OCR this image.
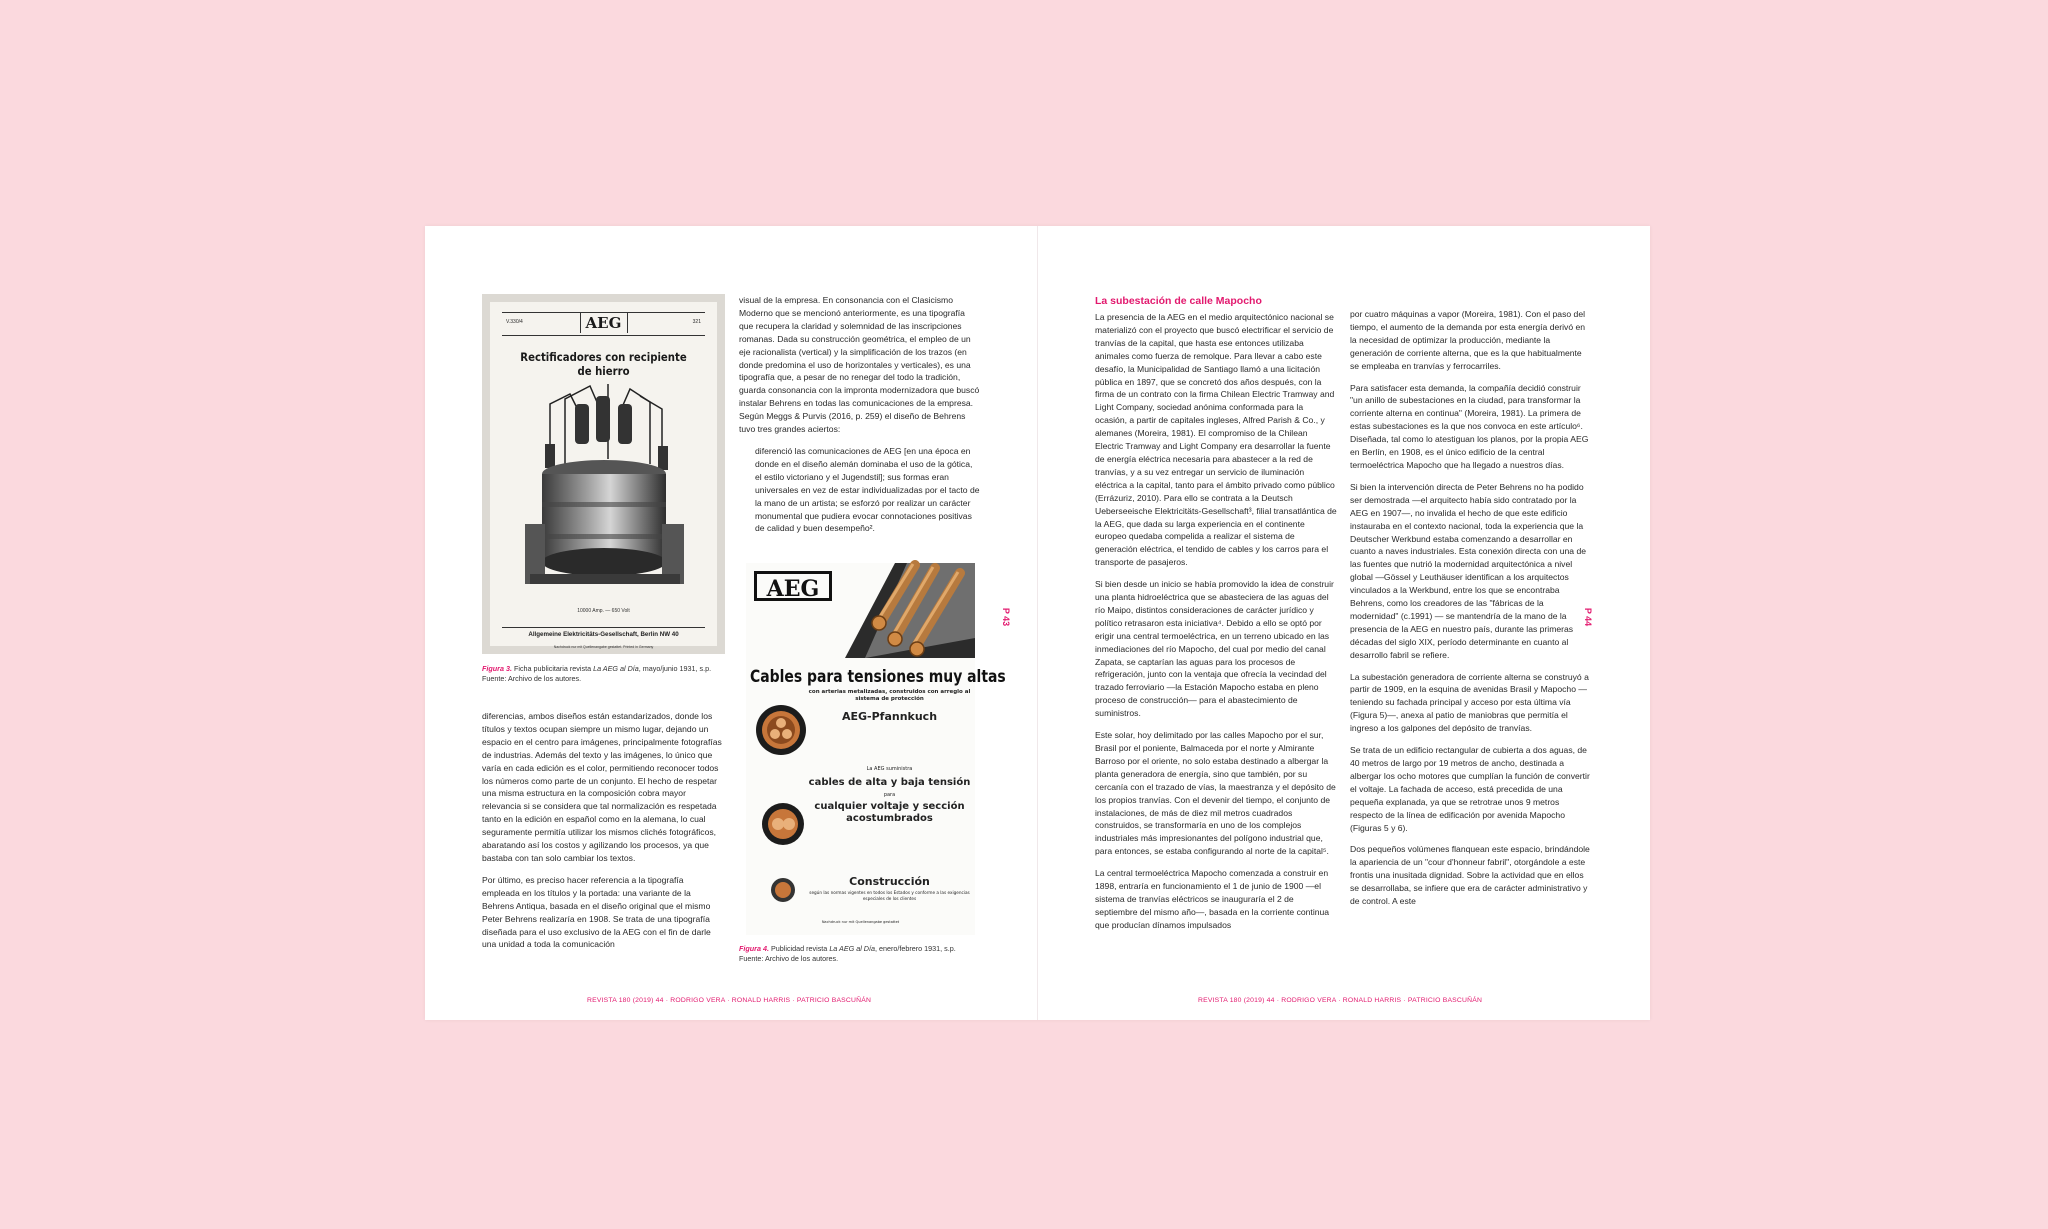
V.330/4	AEG	321
Rectificadores con recipiente de hierro
10000 Amp. — 650 Volt
Allgemeine Elektricitäts-Gesellschaft, Berlin NW 40
Nachdruck nur mit Quellenangabe gestattet. Printed in Germany
Figura 3. Ficha publicitaria revista La AEG al Día, mayo/junio 1931, s.p.
Fuente: Archivo de los autores.

diferencias, ambos diseños están estandarizados, donde los títulos y textos ocupan siempre un mismo lugar, dejando un espacio en el centro para imágenes, principalmente fotografías de industrias. Además del texto y las imágenes, lo único que varía en cada edición es el color, permitiendo reconocer todos los números como parte de un conjunto. El hecho de respetar una misma estructura en la composición cobra mayor relevancia si se considera que tal normalización es respetada tanto en la edición en español como en la alemana, lo cual seguramente permitía utilizar los mismos clichés fotográficos, abaratando así los costos y agilizando los procesos, ya que bastaba con tan solo cambiar los textos.

Por último, es preciso hacer referencia a la tipografía empleada en los títulos y la portada: una variante de la Behrens Antiqua, basada en el diseño original que el mismo Peter Behrens realizaría en 1908. Se trata de una tipografía diseñada para el uso exclusivo de la AEG con el fin de darle una unidad a toda la comunicación

visual de la empresa. En consonancia con el Clasicismo Moderno que se mencionó anteriormente, es una tipografía que recupera la claridad y solemnidad de las inscripciones romanas. Dada su construcción geométrica, el empleo de un eje racionalista (vertical) y la simplificación de los trazos (en donde predomina el uso de horizontales y verticales), es una tipografía que, a pesar de no renegar del todo la tradición, guarda consonancia con la impronta modernizadora que buscó instalar Behrens en todas las comunicaciones de la empresa. Según Meggs & Purvis (2016, p. 259) el diseño de Behrens tuvo tres grandes aciertos:

diferenció las comunicaciones de AEG [en una época en donde en el diseño alemán dominaba el uso de la gótica, el estilo victoriano y el Jugendstil]; sus formas eran universales en vez de estar individualizadas por el tacto de la mano de un artista; se esforzó por realizar un carácter monumental que pudiera evocar connotaciones positivas de calidad y buen desempeño².

AEG
Cables para tensiones muy altas
con arterias metalizadas, construidos con arreglo al sistema de protección
AEG-Pfannkuch
La AEG suministra
cables de alta y baja tensión
para
cualquier voltaje y sección acostumbrados
Construcción
según las normas vigentes en todos los Estados y conforme a las exigencias especiales de los clientes
Nachdruck nur mit Quellenangabe gestattet
Figura 4. Publicidad revista La AEG al Día, enero/febrero 1931, s.p.
Fuente: Archivo de los autores.
P 43
REVISTA 180 (2019) 44 · RODRIGO VERA · RONALD HARRIS · PATRICIO BASCUÑÁN
La subestación de calle Mapocho

La presencia de la AEG en el medio arquitectónico nacional se materializó con el proyecto que buscó electrificar el servicio de tranvías de la capital, que hasta ese entonces utilizaba animales como fuerza de remolque. Para llevar a cabo este desafío, la Municipalidad de Santiago llamó a una licitación pública en 1897, que se concretó dos años después, con la firma de un contrato con la firma Chilean Electric Tramway and Light Company, sociedad anónima conformada para la ocasión, a partir de capitales ingleses, Alfred Parish & Co., y alemanes (Moreira, 1981). El compromiso de la Chilean Electric Tramway and Light Company era desarrollar la fuente de energía eléctrica necesaria para abastecer a la red de tranvías, y a su vez entregar un servicio de iluminación eléctrica a la capital, tanto para el ámbito privado como público (Errázuriz, 2010). Para ello se contrata a la Deutsch Ueberseeische Elektricitäts-Gesellschaft³, filial transatlántica de la AEG, que dada su larga experiencia en el continente europeo quedaba compelida a realizar el sistema de generación eléctrica, el tendido de cables y los carros para el transporte de pasajeros.

Si bien desde un inicio se había promovido la idea de construir una planta hidroeléctrica que se abasteciera de las aguas del río Maipo, distintos consideraciones de carácter jurídico y político retrasaron esta iniciativa⁴. Debido a ello se optó por erigir una central termoeléctrica, en un terreno ubicado en las inmediaciones del río Mapocho, del cual por medio del canal Zapata, se captarían las aguas para los procesos de refrigeración, junto con la ventaja que ofrecía la vecindad del trazado ferroviario —la Estación Mapocho estaba en pleno proceso de construcción— para el abastecimiento de suministros.

Este solar, hoy delimitado por las calles Mapocho por el sur, Brasil por el poniente, Balmaceda por el norte y Almirante Barroso por el oriente, no solo estaba destinado a albergar la planta generadora de energía, sino que también, por su cercanía con el trazado de vías, la maestranza y el depósito de los propios tranvías. Con el devenir del tiempo, el conjunto de instalaciones, de más de diez mil metros cuadrados construidos, se transformaría en uno de los complejos industriales más impresionantes del polígono industrial que, para entonces, se estaba configurando al norte de la capital⁵.

La central termoeléctrica Mapocho comenzada a construir en 1898, entraría en funcionamiento el 1 de junio de 1900 —el sistema de tranvías eléctricos se inauguraría el 2 de septiembre del mismo año—, basada en la corriente continua que producían dínamos impulsados

por cuatro máquinas a vapor (Moreira, 1981). Con el paso del tiempo, el aumento de la demanda por esta energía derivó en la necesidad de optimizar la producción, mediante la generación de corriente alterna, que es la que habitualmente se empleaba en tranvías y ferrocarriles.

Para satisfacer esta demanda, la compañía decidió construir "un anillo de subestaciones en la ciudad, para transformar la corriente alterna en continua" (Moreira, 1981). La primera de estas subestaciones es la que nos convoca en este artículo⁶. Diseñada, tal como lo atestiguan los planos, por la propia AEG en Berlín, en 1908, es el único edificio de la central termoeléctrica Mapocho que ha llegado a nuestros días.

Si bien la intervención directa de Peter Behrens no ha podido ser demostrada —el arquitecto había sido contratado por la AEG en 1907—, no invalida el hecho de que este edificio instauraba en el contexto nacional, toda la experiencia que la Deutscher Werkbund estaba comenzando a desarrollar en cuanto a naves industriales. Esta conexión directa con una de las fuentes que nutrió la modernidad arquitectónica a nivel global —Gössel y Leuthäuser identifican a los arquitectos vinculados a la Werkbund, entre los que se encontraba Behrens, como los creadores de las "fábricas de la modernidad" (c.1991) — se mantendría de la mano de la presencia de la AEG en nuestro país, durante las primeras décadas del siglo XIX, período determinante en cuanto al desarrollo fabril se refiere.

La subestación generadora de corriente alterna se construyó a partir de 1909, en la esquina de avenidas Brasil y Mapocho —teniendo su fachada principal y acceso por esta última vía (Figura 5)—, anexa al patio de maniobras que permitía el ingreso a los galpones del depósito de tranvías.

Se trata de un edificio rectangular de cubierta a dos aguas, de 40 metros de largo por 19 metros de ancho, destinada a albergar los ocho motores que cumplían la función de convertir el voltaje. La fachada de acceso, está precedida de una pequeña explanada, ya que se retrotrae unos 9 metros respecto de la línea de edificación por avenida Mapocho (Figuras 5 y 6).

Dos pequeños volúmenes flanquean este espacio, brindándole la apariencia de un "cour d'honneur fabril", otorgándole a este frontis una inusitada dignidad. Sobre la actividad que en ellos se desarrollaba, se infiere que era de carácter administrativo y de control. A este

P 44
REVISTA 180 (2019) 44 · RODRIGO VERA · RONALD HARRIS · PATRICIO BASCUÑÁN
